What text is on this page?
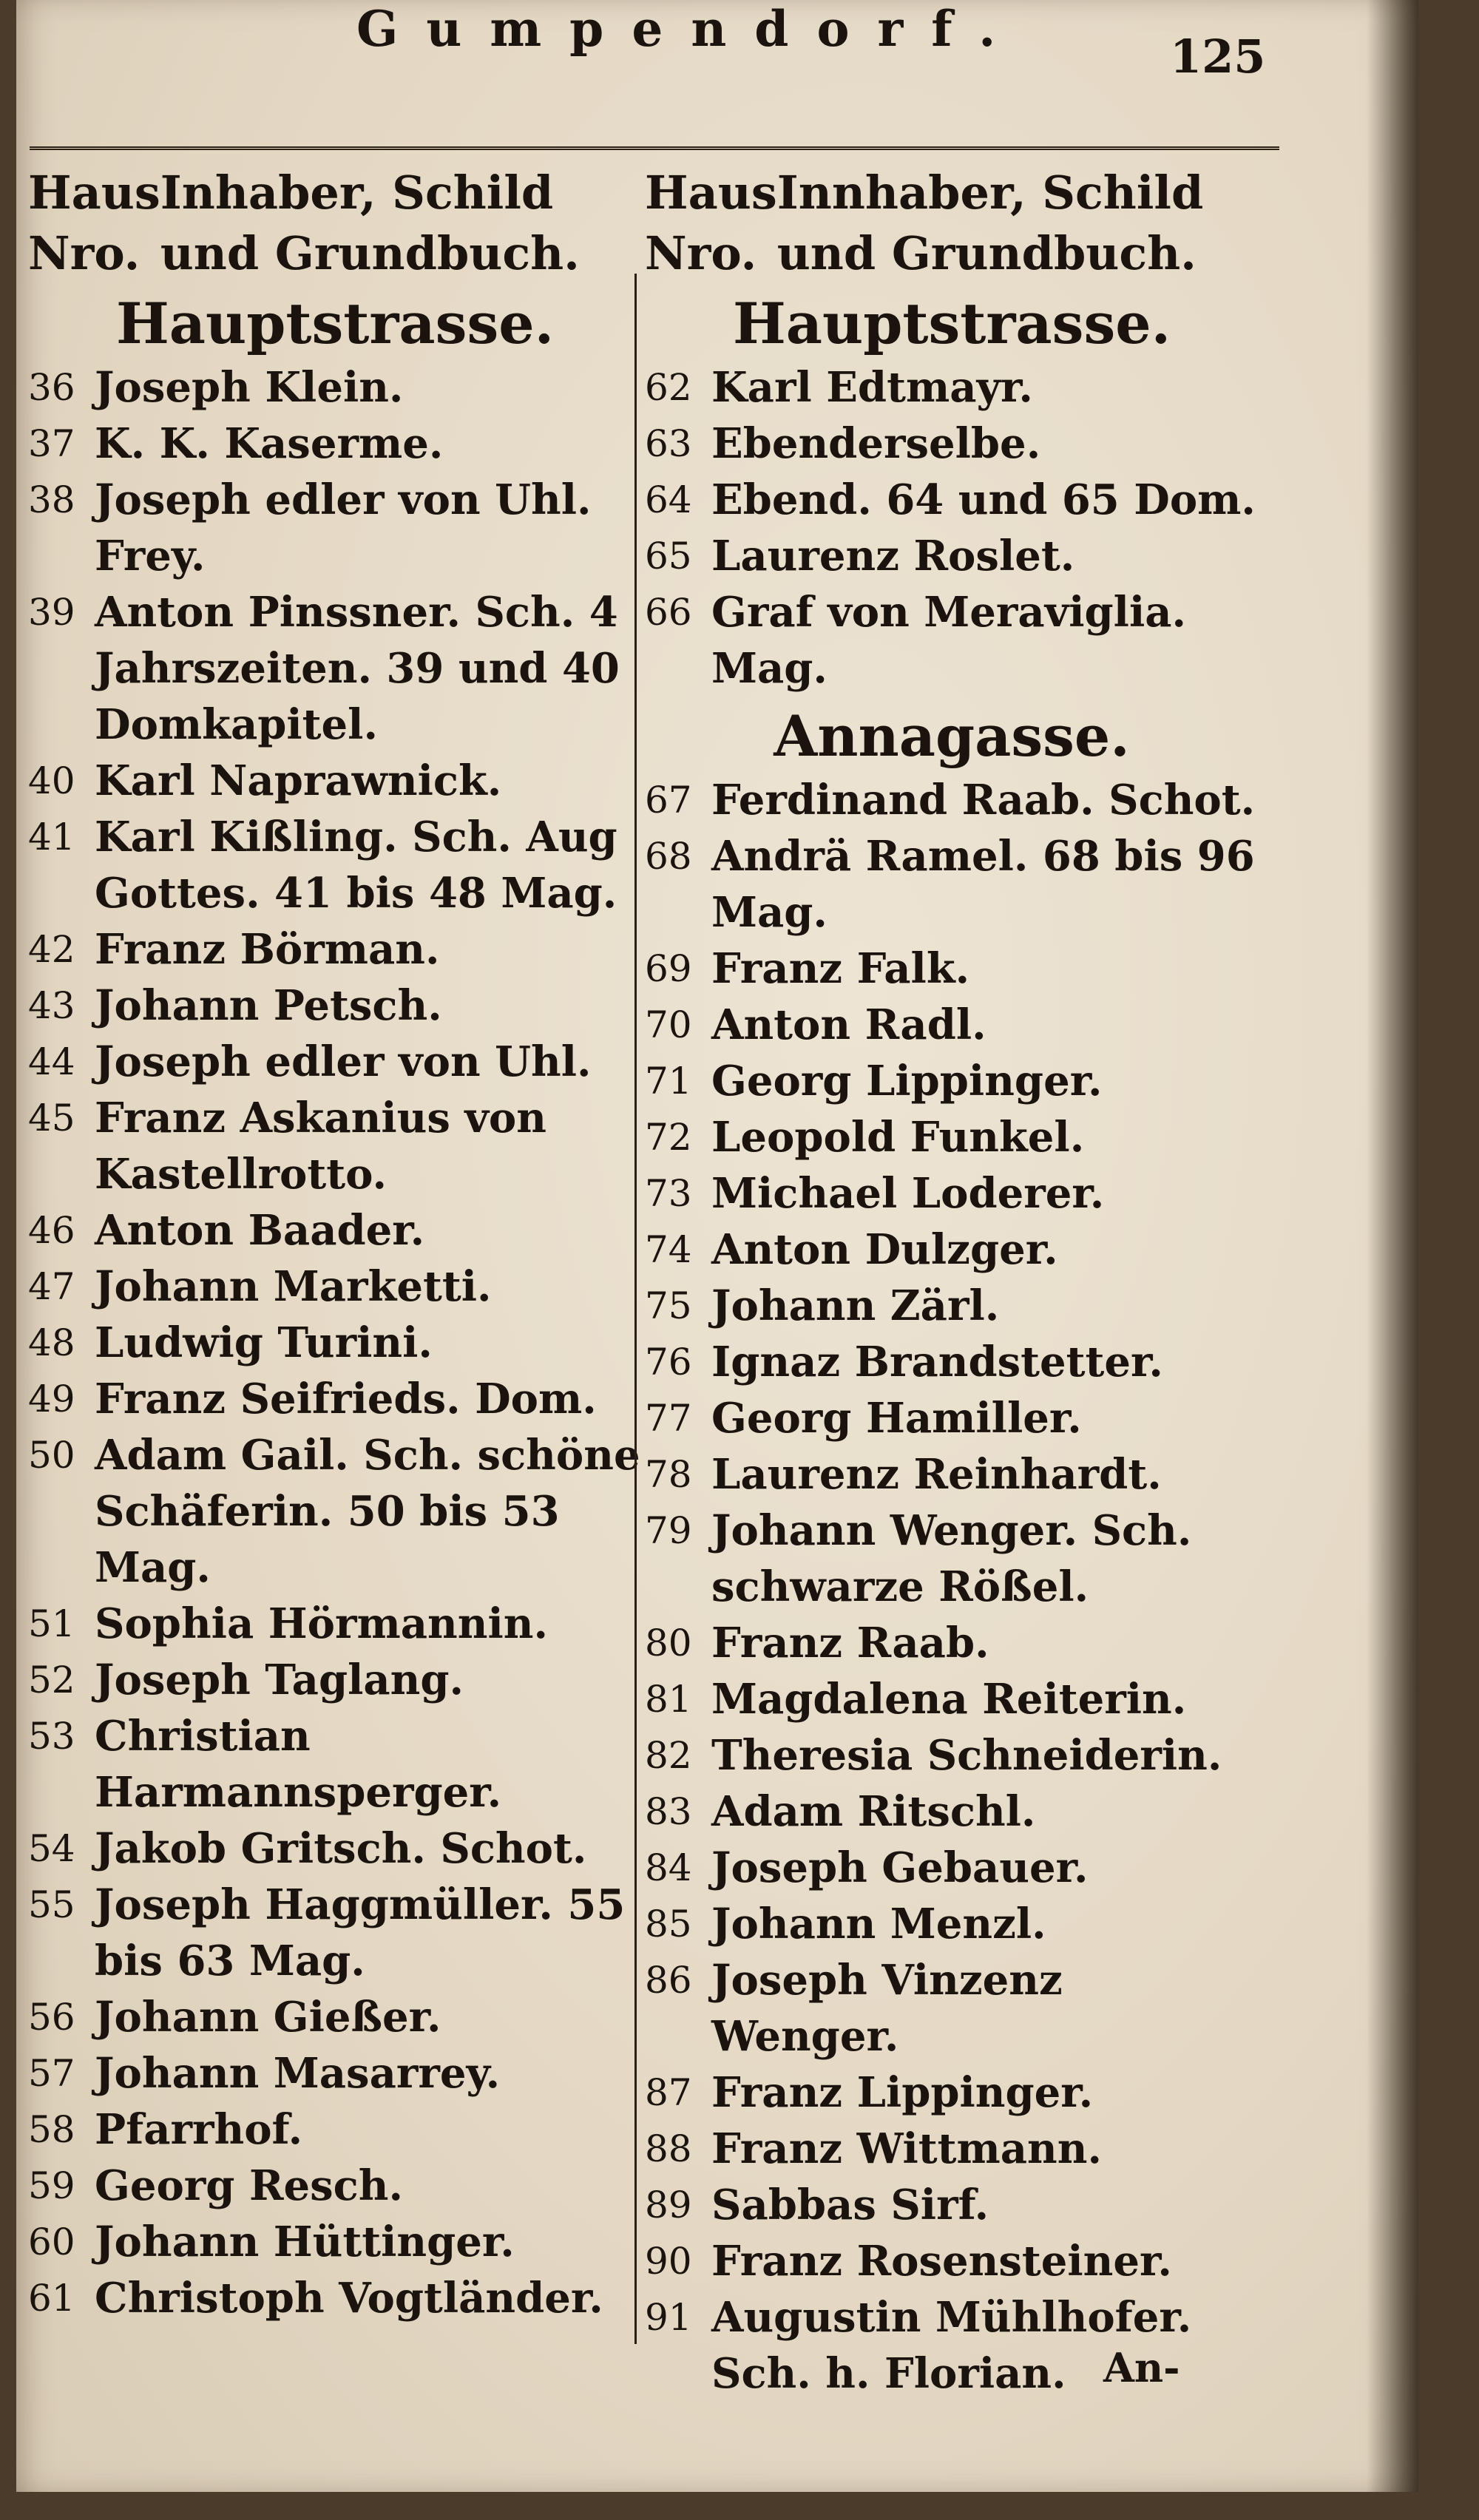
Gumpendorf.	125
Haus Nro.
Inhaber, Schild und Grundbuch.
Hauptstrasse.
36 Joseph Klein.
37 K. K. Kaserme.
38 Joseph edler von Uhl. Frey.
39 Anton Pinssner. Sch. 4 Jahrszeiten. 39 und 40 Domkapitel.
40 Karl Naprawnick.
41 Karl Kißling. Sch. Aug Gottes. 41 bis 48 Mag.
42 Franz Börman.
43 Johann Petsch.
44 Joseph edler von Uhl.
45 Franz Askanius von Kastellrotto.
46 Anton Baader.
47 Johann Marketti.
48 Ludwig Turini.
49 Franz Seifrieds. Dom.
50 Adam Gail. Sch. schöne Schäferin. 50 bis 53 Mag.
51 Sophia Hörmannin.
52 Joseph Taglang.
53 Christian Harmannsperger.
54 Jakob Gritsch. Schot.
55 Joseph Haggmüller. 55 bis 63 Mag.
56 Johann Gießer.
57 Johann Masarrey.
58 Pfarrhof.
59 Georg Resch.
60 Johann Hüttinger.
61 Christoph Vogtländer.
Haus Nro.
Innhaber, Schild und Grundbuch.
Hauptstrasse.
62 Karl Edtmayr.
63 Ebenderselbe.
64 Ebend. 64 und 65 Dom.
65 Laurenz Roslet.
66 Graf von Meraviglia. Mag.
Annagasse.
67 Ferdinand Raab. Schot.
68 Andrä Ramel. 68 bis 96 Mag.
69 Franz Falk.
70 Anton Radl.
71 Georg Lippinger.
72 Leopold Funkel.
73 Michael Loderer.
74 Anton Dulzger.
75 Johann Zärl.
76 Ignaz Brandstetter.
77 Georg Hamiller.
78 Laurenz Reinhardt.
79 Johann Wenger. Sch. schwarze Rößel.
80 Franz Raab.
81 Magdalena Reiterin.
82 Theresia Schneiderin.
83 Adam Ritschl.
84 Joseph Gebauer.
85 Johann Menzl.
86 Joseph Vinzenz Wenger.
87 Franz Lippinger.
88 Franz Wittmann.
89 Sabbas Sirf.
90 Franz Rosensteiner.
91 Augustin Mühlhofer. Sch. h. Florian. An-
